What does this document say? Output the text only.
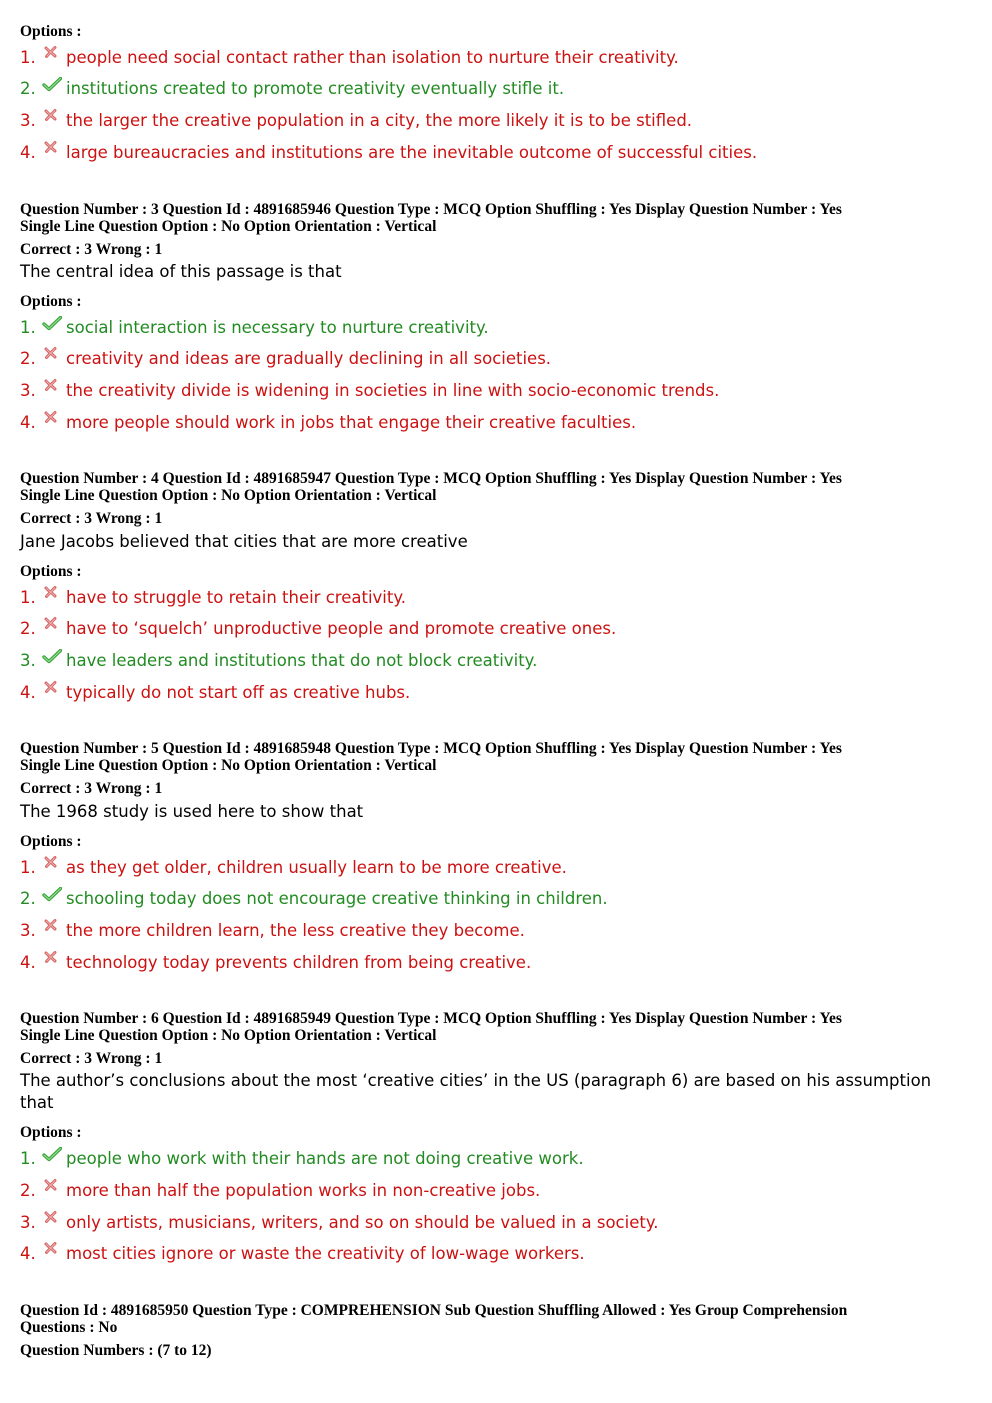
Options :
1. people need social contact rather than isolation to nurture their creativity.
2. institutions created to promote creativity eventually stifle it.
3. the larger the creative population in a city, the more likely it is to be stifled.
4. large bureaucracies and institutions are the inevitable outcome of successful cities.
Question Number : 3 Question Id : 4891685946 Question Type : MCQ Option Shuffling : Yes Display Question Number : Yes
Single Line Question Option : No Option Orientation : Vertical
Correct : 3 Wrong : 1
The central idea of this passage is that
Options :
1. social interaction is necessary to nurture creativity.
2. creativity and ideas are gradually declining in all societies.
3. the creativity divide is widening in societies in line with socio-economic trends.
4. more people should work in jobs that engage their creative faculties.
Question Number : 4 Question Id : 4891685947 Question Type : MCQ Option Shuffling : Yes Display Question Number : Yes
Single Line Question Option : No Option Orientation : Vertical
Correct : 3 Wrong : 1
Jane Jacobs believed that cities that are more creative
Options :
1. have to struggle to retain their creativity.
2. have to ‘squelch’ unproductive people and promote creative ones.
3. have leaders and institutions that do not block creativity.
4. typically do not start off as creative hubs.
Question Number : 5 Question Id : 4891685948 Question Type : MCQ Option Shuffling : Yes Display Question Number : Yes
Single Line Question Option : No Option Orientation : Vertical
Correct : 3 Wrong : 1
The 1968 study is used here to show that
Options :
1. as they get older, children usually learn to be more creative.
2. schooling today does not encourage creative thinking in children.
3. the more children learn, the less creative they become.
4. technology today prevents children from being creative.
Question Number : 6 Question Id : 4891685949 Question Type : MCQ Option Shuffling : Yes Display Question Number : Yes
Single Line Question Option : No Option Orientation : Vertical
Correct : 3 Wrong : 1
The author’s conclusions about the most ‘creative cities’ in the US (paragraph 6) are based on his assumption that
Options :
1. people who work with their hands are not doing creative work.
2. more than half the population works in non-creative jobs.
3. only artists, musicians, writers, and so on should be valued in a society.
4. most cities ignore or waste the creativity of low-wage workers.
Question Id : 4891685950 Question Type : COMPREHENSION Sub Question Shuffling Allowed : Yes Group Comprehension
Questions : No
Question Numbers : (7 to 12)
